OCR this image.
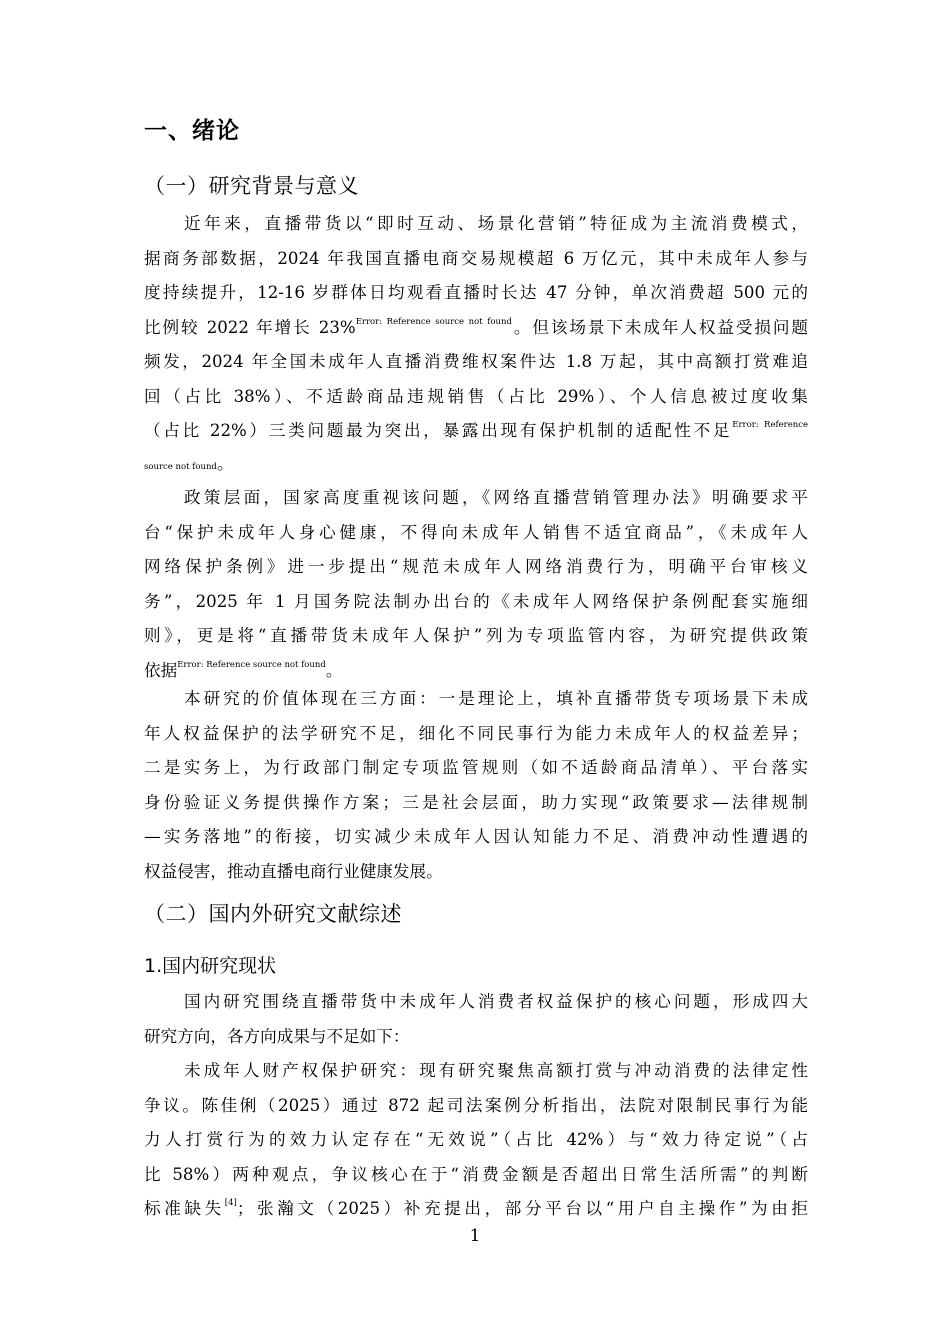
一、绪论
（一）研究背景与意义
近年来，直播带货以“即时互动、场景化营销”特征成为主流消费模式，
据商务部数据，2024 年我国直播电商交易规模超 6 万亿元，其中未成年人参与
度持续提升，12-16 岁群体日均观看直播时长达 47 分钟，单次消费超 500 元的
比例较 2022 年增长 23%$^{Error: Reference source not found}$。但该场景下未成年人权益受损问题
频发，2024 年全国未成年人直播消费维权案件达 1.8 万起，其中高额打赏难追
回（占比 38%）、不适龄商品违规销售（占比 29%）、个人信息被过度收集
（占比 22%）三类问题最为突出，暴露出现有保护机制的适配性不足$^{Error: Reference}$
source not found。
政策层面，国家高度重视该问题，《网络直播营销管理办法》明确要求平
台“保护未成年人身心健康，不得向未成年人销售不适宜商品”，《未成年人
网络保护条例》进一步提出“规范未成年人网络消费行为，明确平台审核义
务”，2025 年 1 月国务院法制办出台的《未成年人网络保护条例配套实施细
则》，更是将“直播带货未成年人保护”列为专项监管内容，为研究提供政策
依据$^{Error: Reference source not found}$。
本研究的价值体现在三方面：一是理论上，填补直播带货专项场景下未成
年人权益保护的法学研究不足，细化不同民事行为能力未成年人的权益差异；
二是实务上，为行政部门制定专项监管规则（如不适龄商品清单）、平台落实
身份验证义务提供操作方案；三是社会层面，助力实现“政策要求—法律规制
—实务落地”的衔接，切实减少未成年人因认知能力不足、消费冲动性遭遇的
权益侵害，推动直播电商行业健康发展。
（二）国内外研究文献综述
1.国内研究现状
国内研究围绕直播带货中未成年人消费者权益保护的核心问题，形成四大
研究方向，各方向成果与不足如下：
未成年人财产权保护研究：现有研究聚焦高额打赏与冲动消费的法律定性
争议。陈佳俐（2025）通过 872 起司法案例分析指出，法院对限制民事行为能
力人打赏行为的效力认定存在“无效说”（占比 42%）与“效力待定说”（占
比 58%）两种观点，争议核心在于“消费金额是否超出日常生活所需”的判断
标准缺失[4]；张瀚文（2025）补充提出，部分平台以“用户自主操作”为由拒
1
